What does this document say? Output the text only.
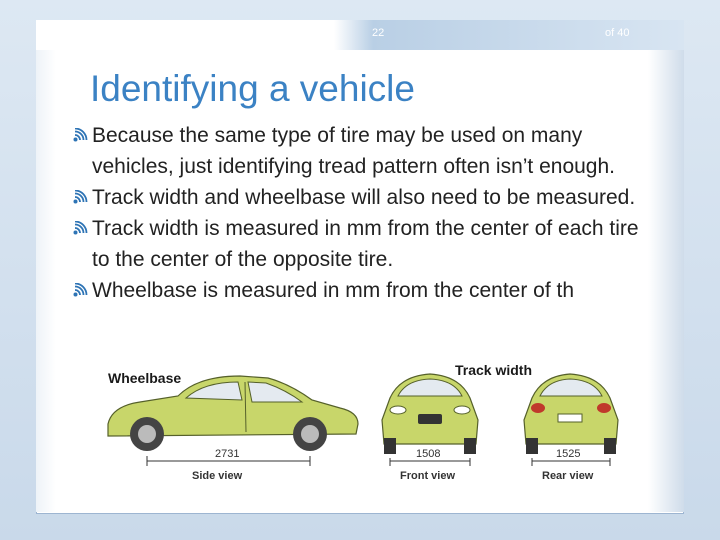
22	of 40
Identifying a vehicle
Because the same type of tire may be used on many vehicles, just identifying tread pattern often isn’t enough.
Track width and wheelbase will also need to be measured.
Track width is measured in mm from the center of each tire to the center of the opposite tire.
Wheelbase is measured in mm from the center of th
2731
Side view
1508
Front view
1525
Rear view
Wheelbase	Track width
